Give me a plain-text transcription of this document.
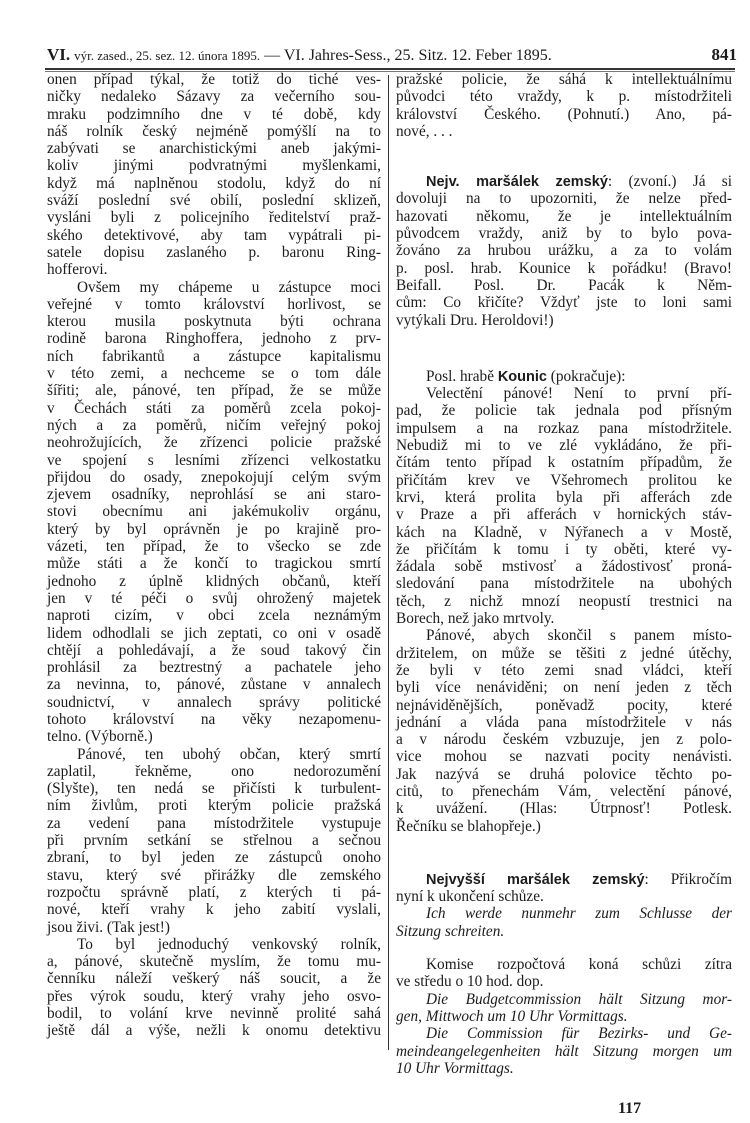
VI. výr. zased., 25. sez. 12. února 1895. — VI. Jahres-Sess., 25. Sitz. 12. Feber 1895.	841
onen případ týkal, že totiž do tiché ves-
ničky nedaleko Sázavy za večerního sou-
mraku podzimního dne v té době, kdy
náš rolník český nejméně pomýšlí na to
zabývati se anarchistickými aneb jakými-
koliv jinými podvratnými myšlenkami,
když má naplněnou stodolu, když do ní
sváží poslední své obilí, poslední sklizeň,
vysláni byli z policejního ředitelství praž-
ského detektivové, aby tam vypátrali pi-
satele dopisu zaslaného p. baronu Ring-
hofferovi.
Ovšem my chápeme u zástupce moci
veřejné v tomto království horlivost, se
kterou musila poskytnuta býti ochrana
rodině barona Ringhoffera, jednoho z prv-
ních fabrikantů a zástupce kapitalismu
v této zemi, a nechceme se o tom dále
šířiti; ale, pánové, ten případ, že se může
v Čechách státi za poměrů zcela pokoj-
ných a za poměrů, ničím veřejný pokoj
neohrožujících, že zřízenci policie pražské
ve spojení s lesními zřízenci velkostatku
přijdou do osady, znepokojují celým svým
zjevem osadníky, neprohlásí se ani staro-
stovi obecnímu ani jakémukoliv orgánu,
který by byl oprávněn je po krajině pro-
vázeti, ten případ, že to všecko se zde
může státi a že končí to tragickou smrtí
jednoho z úplně klidných občanů, kteří
jen v té péči o svůj ohrožený majetek
naproti cizím, v obci zcela neznámým
lidem odhodlali se jich zeptati, co oni v osadě
chtějí a pohledávají, a že soud takový čin
prohlásil za beztrestný a pachatele jeho
za nevinna, to, pánové, zůstane v annalech
soudnictví, v annalech správy politické
tohoto království na věky nezapomenu-
telno. (Výborně.)
Pánové, ten ubohý občan, který smrtí
zaplatil, řekněme, ono nedorozumění
(Slyšte), ten nedá se přičísti k turbulent-
ním živlům, proti kterým policie pražská
za vedení pana místodržitele vystupuje
při prvním setkání se střelnou a sečnou
zbraní, to byl jeden ze zástupců onoho
stavu, který své přirážky dle zemského
rozpočtu správně platí, z kterých ti pá-
nové, kteří vrahy k jeho zabití vyslali,
jsou živi. (Tak jest!)
To byl jednoduchý venkovský rolník,
a, pánové, skutečně myslím, že tomu mu-
čenníku náleží veškerý náš soucit, a že
přes výrok soudu, který vrahy jeho osvo-
bodil, to volání krve nevinně prolité sahá
ještě dál a výše, nežli k onomu detektivu
pražské policie, že sáhá k intellektuálnímu
původci této vraždy, k p. místodržiteli
království Českého. (Pohnutí.) Ano, pá-
nové, . . .
Nejv. maršálek zemský: (zvoní.) Já si
dovoluji na to upozorniti, že nelze před-
hazovati někomu, že je intellektuálním
původcem vraždy, aniž by to bylo pova-
žováno za hrubou urážku, a za to volám
p. posl. hrab. Kounice k pořádku! (Bravo!
Beifall. Posl. Dr. Pacák k Něm-
cům: Co křičíte? Vždyť jste to loni sami
vytýkali Dru. Heroldovi!)
Posl. hrabě Kounic (pokračuje):
Velectění pánové! Není to první pří-
pad, že policie tak jednala pod přísným
impulsem a na rozkaz pana místodržitele.
Nebudiž mi to ve zlé vykládáno, že při-
čítám tento případ k ostatním případům, že
přičítám krev ve Všehromech prolitou ke
krvi, která prolita byla při afferách zde
v Praze a při afferách v hornických stáv-
kách na Kladně, v Nýřanech a v Mostě,
že přičítám k tomu i ty oběti, které vy-
žádala sobě mstivosť a žádostivosť proná-
sledování pana místodržitele na ubohých
těch, z nichž mnozí neopustí trestnici na
Borech, než jako mrtvoly.
Pánové, abych skončil s panem místo-
držitelem, on může se těšiti z jedné útěchy,
že byli v této zemi snad vládci, kteří
byli více nenáviděni; on není jeden z těch
nejnáviděnějších, poněvadž pocity, které
jednání a vláda pana místodržitele v nás
a v národu českém vzbuzuje, jen z polo-
vice mohou se nazvati pocity nenávisti.
Jak nazývá se druhá polovice těchto po-
citů, to přenechám Vám, velectění pánové,
k uvážení. (Hlas: Útrpnosť! Potlesk.
Řečníku se blahopřeje.)
Nejvyšší maršálek zemský: Přikročím
nyní k ukončení schůze.
Ich werde nunmehr zum Schlusse der
Sitzung schreiten.
Komise rozpočtová koná schůzi zítra
ve středu o 10 hod. dop.
Die Budgetcommission hält Sitzung mor-
gen, Mittwoch um 10 Uhr Vormittags.
Die Commission für Bezirks- und Ge-
meindeangelegenheiten hält Sitzung morgen um
10 Uhr Vormittags.
117
